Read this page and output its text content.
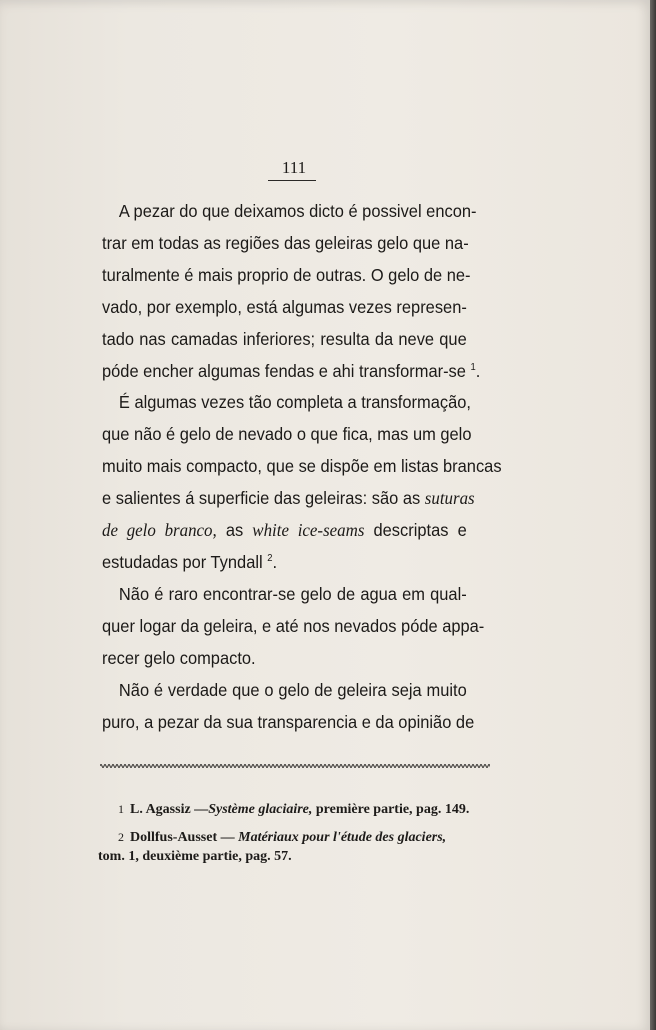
111
A pezar do que deixamos dicto é possivel encon-
trar em todas as regiões das geleiras gelo que na-
turalmente é mais proprio de outras. O gelo de ne-
vado, por exemplo, está algumas vezes represen-
tado nas camadas inferiores; resulta da neve que
póde encher algumas fendas e ahi transformar-se $^1$.
É algumas vezes tão completa a transformação,
que não é gelo de nevado o que fica, mas um gelo
muito mais compacto, que se dispõe em listas brancas
e salientes á superficie das geleiras: são as suturas
de gelo branco, as white ice-seams descriptas e
estudadas por Tyndall $^2$.
Não é raro encontrar-se gelo de agua em qual-
quer logar da geleira, e até nos nevados póde appa-
recer gelo compacto.
Não é verdade que o gelo de geleira seja muito
puro, a pezar da sua transparencia e da opinião de
1 L. Agassiz —Système glaciaire, première partie, pag. 149.
2 Dollfus-Ausset — Matériaux pour l'étude des glaciers,
tom. 1, deuxième partie, pag. 57.
